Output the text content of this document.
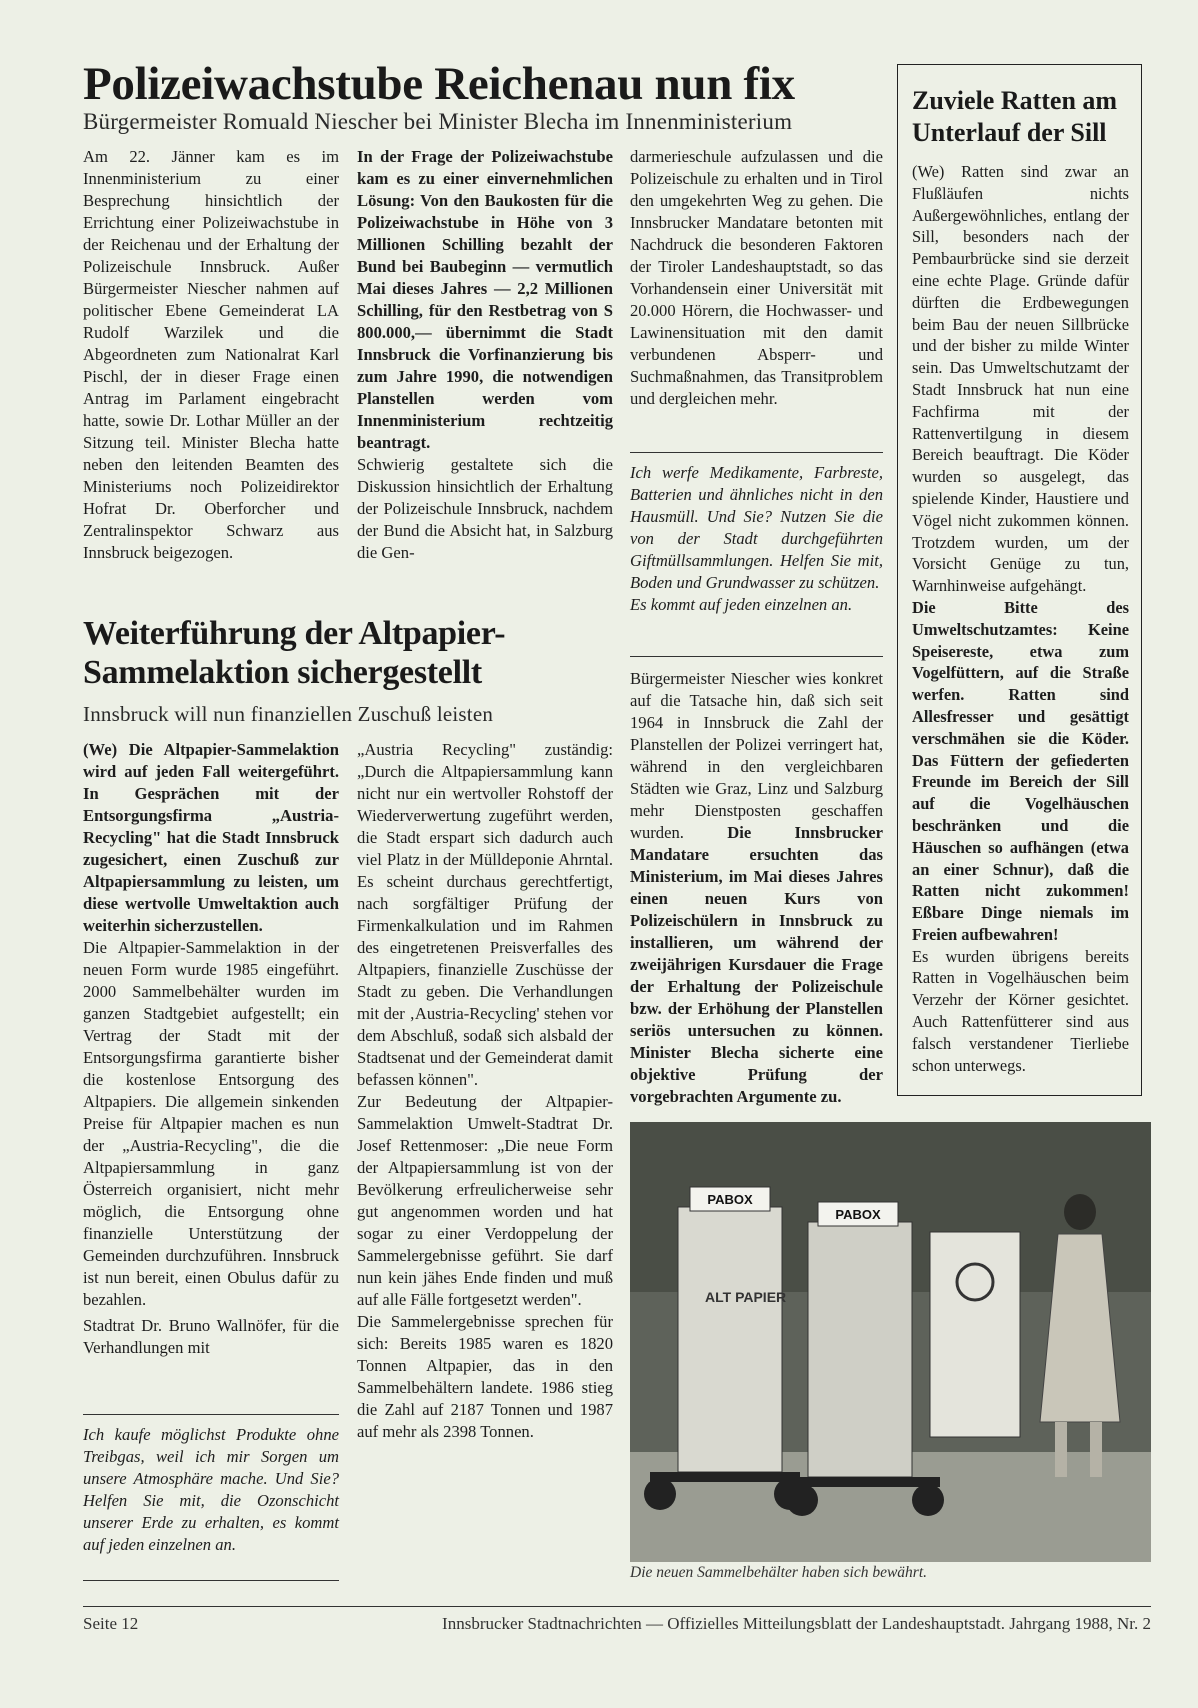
Polizeiwachstube Reichenau nun fix
Bürgermeister Romuald Niescher bei Minister Blecha im Innenministerium

Am 22. Jänner kam es im Innenministerium zu einer Besprechung hinsichtlich der Errichtung einer Polizeiwachstube in der Reichenau und der Erhaltung der Polizeischule Innsbruck. Außer Bürgermeister Niescher nahmen auf politischer Ebene Gemeinderat LA Rudolf Warzilek und die Abgeordneten zum Nationalrat Karl Pischl, der in dieser Frage einen Antrag im Parlament eingebracht hatte, sowie Dr. Lothar Müller an der Sitzung teil. Minister Blecha hatte neben den leitenden Beamten des Ministeriums noch Polizeidirektor Hofrat Dr. Oberforcher und Zentralinspektor Schwarz aus Innsbruck beigezogen.

In der Frage der Polizeiwachstube kam es zu einer einvernehmlichen Lösung: Von den Baukosten für die Polizeiwachstube in Höhe von 3 Millionen Schilling bezahlt der Bund bei Baubeginn — vermutlich Mai dieses Jahres — 2,2 Millionen Schilling, für den Restbetrag von S 800.000,— übernimmt die Stadt Innsbruck die Vorfinanzierung bis zum Jahre 1990, die notwendigen Planstellen werden vom Innenministerium rechtzeitig beantragt.

Schwierig gestaltete sich die Diskussion hinsichtlich der Erhaltung der Polizeischule Innsbruck, nachdem der Bund die Absicht hat, in Salzburg die Gen-

darmerieschule aufzulassen und die Polizeischule zu erhalten und in Tirol den umgekehrten Weg zu gehen. Die Innsbrucker Mandatare betonten mit Nachdruck die besonderen Faktoren der Tiroler Landeshauptstadt, so das Vorhandensein einer Universität mit 20.000 Hörern, die Hochwasser- und Lawinensituation mit den damit verbundenen Absperr- und Suchmaßnahmen, das Transitproblem und dergleichen mehr.

Ich werfe Medikamente, Farbreste, Batterien und ähnliches nicht in den Hausmüll. Und Sie? Nutzen Sie die von der Stadt durchgeführten Giftmüllsammlungen. Helfen Sie mit, Boden und Grundwasser zu schützen.

Es kommt auf jeden einzelnen an.

Bürgermeister Niescher wies konkret auf die Tatsache hin, daß sich seit 1964 in Innsbruck die Zahl der Planstellen der Polizei verringert hat, während in den vergleichbaren Städten wie Graz, Linz und Salzburg mehr Dienstposten geschaffen wurden.	Die Innsbrucker Mandatare ersuchten das Ministerium, im Mai dieses Jahres einen neuen Kurs von Polizeischülern in Innsbruck zu installieren, um während der zweijährigen Kursdauer die Frage der Erhaltung der Polizeischule bzw. der Erhöhung der Planstellen seriös untersuchen zu können. Minister Blecha sicherte eine objektive Prüfung der vorgebrachten Argumente zu.

Weiterführung der Altpapier-Sammelaktion sichergestellt
Innsbruck will nun finanziellen Zuschuß leisten

(We) Die Altpapier-Sammelaktion wird auf jeden Fall weitergeführt. In Gesprächen mit der Entsorgungsfirma „Austria-Recycling" hat die Stadt Innsbruck zugesichert, einen Zuschuß zur Altpapiersammlung zu leisten, um diese wertvolle Umweltaktion auch weiterhin sicherzustellen.

Die Altpapier-Sammelaktion in der neuen Form wurde 1985 eingeführt. 2000 Sammelbehälter wurden im ganzen Stadtgebiet aufgestellt; ein Vertrag der Stadt mit der Entsorgungsfirma garantierte bisher die kostenlose Entsorgung des Altpapiers. Die allgemein sinkenden Preise für Altpapier machen es nun der „Austria-Recycling", die die Altpapiersammlung in ganz Österreich organisiert, nicht mehr möglich, die Entsorgung ohne finanzielle Unterstützung der Gemeinden durchzuführen. Innsbruck ist nun bereit, einen Obulus dafür zu bezahlen.

Stadtrat Dr. Bruno Wallnöfer, für die Verhandlungen mit

Ich kaufe möglichst Produkte ohne Treibgas, weil ich mir Sorgen um unsere Atmosphäre mache. Und Sie? Helfen Sie mit, die Ozonschicht unserer Erde zu erhalten, es kommt auf jeden einzelnen an.

„Austria Recycling" zuständig: „Durch die Altpapiersammlung kann nicht nur ein wertvoller Rohstoff der Wiederverwertung zugeführt werden, die Stadt erspart sich dadurch auch viel Platz in der Mülldeponie Ahrntal. Es scheint durchaus gerechtfertigt, nach sorgfältiger Prüfung der Firmenkalkulation und im Rahmen des eingetretenen Preisverfalles des Altpapiers, finanzielle Zuschüsse der Stadt zu geben. Die Verhandlungen mit der ‚Austria-Recycling' stehen vor dem Abschluß, sodaß sich alsbald der Stadtsenat und der Gemeinderat damit befassen können".

Zur Bedeutung der Altpapier-Sammelaktion Umwelt-Stadtrat Dr. Josef Rettenmoser: „Die neue Form der Altpapiersammlung ist von der Bevölkerung erfreulicherweise sehr gut angenommen worden und hat sogar zu einer Verdoppelung der Sammelergebnisse geführt. Sie darf nun kein jähes Ende finden und muß auf alle Fälle fortgesetzt werden".

Die Sammelergebnisse sprechen für sich: Bereits 1985 waren es 1820 Tonnen Altpapier, das in den Sammelbehältern landete. 1986 stieg die Zahl auf 2187 Tonnen und 1987 auf mehr als 2398 Tonnen.

Zuviele Ratten am Unterlauf der Sill

(We) Ratten sind zwar an Flußläufen nichts Außergewöhnliches, entlang der Sill, besonders nach der Pembaurbrücke sind sie derzeit eine echte Plage. Gründe dafür dürften die Erdbewegungen beim Bau der neuen Sillbrücke und der bisher zu milde Winter sein. Das Umweltschutzamt der Stadt Innsbruck hat nun eine Fachfirma mit der Rattenvertilgung in diesem Bereich beauftragt. Die Köder wurden so ausgelegt, das spielende Kinder, Haustiere und Vögel nicht zukommen können. Trotzdem wurden, um der Vorsicht Genüge zu tun, Warnhinweise aufgehängt.

Die Bitte des Umweltschutzamtes: Keine Speisereste, etwa zum Vogelfüttern, auf die Straße werfen. Ratten sind Allesfresser und gesättigt verschmähen sie die Köder. Das Füttern der gefiederten Freunde im Bereich der Sill auf die Vogelhäuschen beschränken und die Häuschen so aufhängen (etwa an einer Schnur), daß die Ratten nicht zukommen! Eßbare Dinge niemals im Freien aufbewahren!

Es wurden übrigens bereits Ratten in Vogelhäuschen beim Verzehr der Körner gesichtet. Auch Rattenfütterer sind aus falsch verstandener Tierliebe schon unterwegs.

PABOX
ALT PAPIER
PABOX
Die neuen Sammelbehälter haben sich bewährt.
Seite 12	Innsbrucker Stadtnachrichten — Offizielles Mitteilungsblatt der Landeshauptstadt. Jahrgang 1988, Nr. 2
